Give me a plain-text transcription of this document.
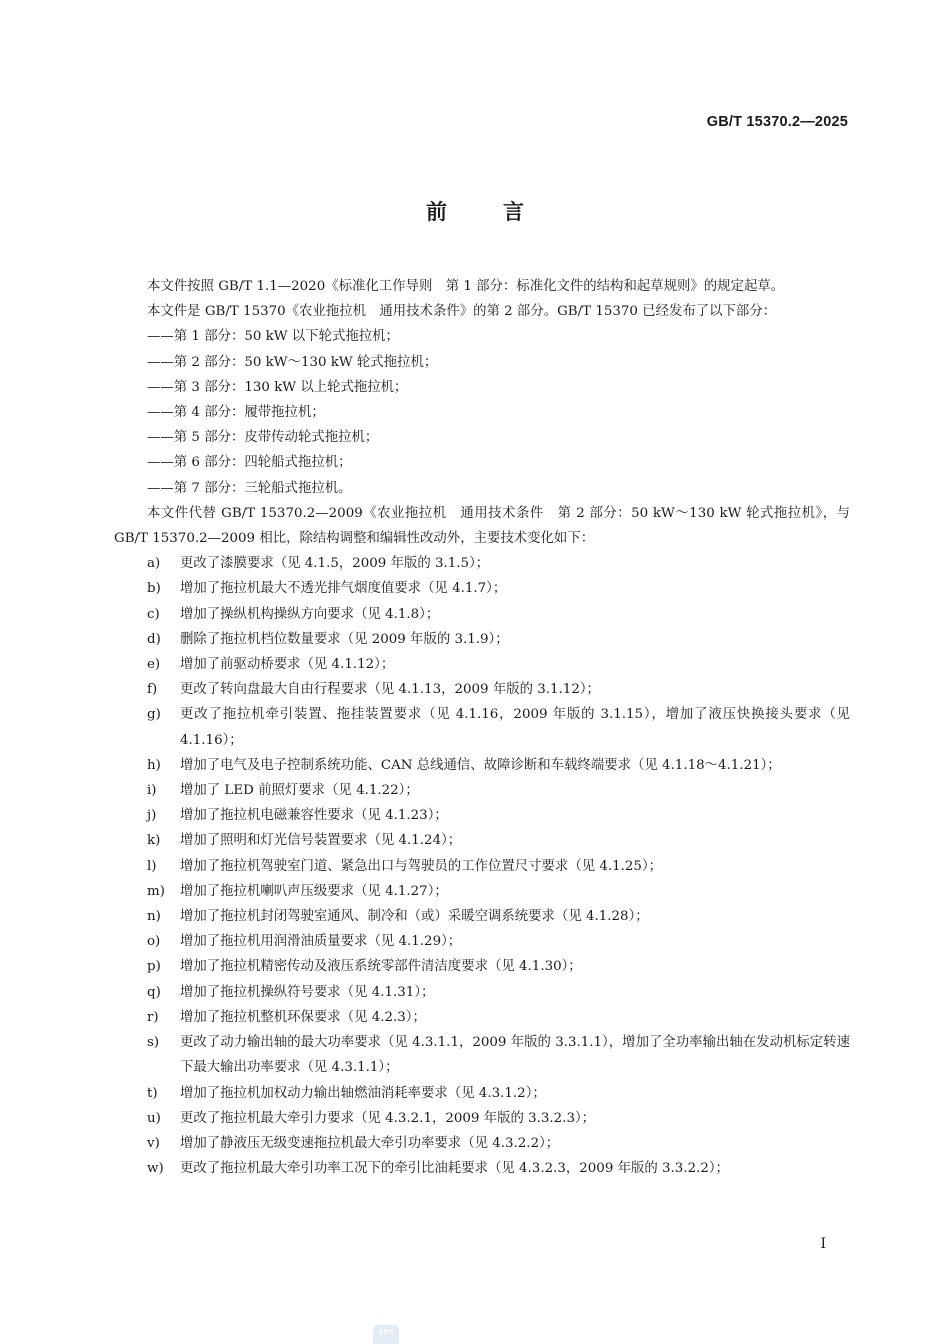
GB/T 15370.2—2025
前言
本文件按照 GB/T 1.1—2020《标准化工作导则　第 1 部分：标准化文件的结构和起草规则》的规定起草。
本文件是 GB/T 15370《农业拖拉机　通用技术条件》的第 2 部分。GB/T 15370 已经发布了以下部分：
——第 1 部分：50 kW 以下轮式拖拉机；
——第 2 部分：50 kW～130 kW 轮式拖拉机；
——第 3 部分：130 kW 以上轮式拖拉机；
——第 4 部分：履带拖拉机；
——第 5 部分：皮带传动轮式拖拉机；
——第 6 部分：四轮船式拖拉机；
——第 7 部分：三轮船式拖拉机。
本文件代替 GB/T 15370.2—2009《农业拖拉机　通用技术条件　第 2 部分：50 kW～130 kW 轮式拖拉机》，与 GB/T 15370.2—2009 相比，除结构调整和编辑性改动外，主要技术变化如下：
a)	更改了漆膜要求（见 4.1.5，2009 年版的 3.1.5）；
b)	增加了拖拉机最大不透光排气烟度值要求（见 4.1.7）；
c)	增加了操纵机构操纵方向要求（见 4.1.8）；
d)	删除了拖拉机档位数量要求（见 2009 年版的 3.1.9）；
e)	增加了前驱动桥要求（见 4.1.12）；
f)	更改了转向盘最大自由行程要求（见 4.1.13，2009 年版的 3.1.12）；
g)	更改了拖拉机牵引装置、拖挂装置要求（见 4.1.16，2009 年版的 3.1.15），增加了液压快换接头要求（见 4.1.16）；
h)	增加了电气及电子控制系统功能、CAN 总线通信、故障诊断和车载终端要求（见 4.1.18～4.1.21）；
i)	增加了 LED 前照灯要求（见 4.1.22）；
j)	增加了拖拉机电磁兼容性要求（见 4.1.23）；
k)	增加了照明和灯光信号装置要求（见 4.1.24）；
l)	增加了拖拉机驾驶室门道、紧急出口与驾驶员的工作位置尺寸要求（见 4.1.25）；
m)	增加了拖拉机喇叭声压级要求（见 4.1.27）；
n)	增加了拖拉机封闭驾驶室通风、制冷和（或）采暖空调系统要求（见 4.1.28）；
o)	增加了拖拉机用润滑油质量要求（见 4.1.29）；
p)	增加了拖拉机精密传动及液压系统零部件清洁度要求（见 4.1.30）；
q)	增加了拖拉机操纵符号要求（见 4.1.31）；
r)	增加了拖拉机整机环保要求（见 4.2.3）；
s)	更改了动力输出轴的最大功率要求（见 4.3.1.1，2009 年版的 3.3.1.1），增加了全功率输出轴在发动机标定转速下最大输出功率要求（见 4.3.1.1）；
t)	增加了拖拉机加权动力输出轴燃油消耗率要求（见 4.3.1.2）；
u)	更改了拖拉机最大牵引力要求（见 4.3.2.1，2009 年版的 3.3.2.3）；
v)	增加了静液压无级变速拖拉机最大牵引功率要求（见 4.3.2.2）；
w)	更改了拖拉机最大牵引功率工况下的牵引比油耗要求（见 4.3.2.3，2009 年版的 3.3.2.2）；
I
SPC
